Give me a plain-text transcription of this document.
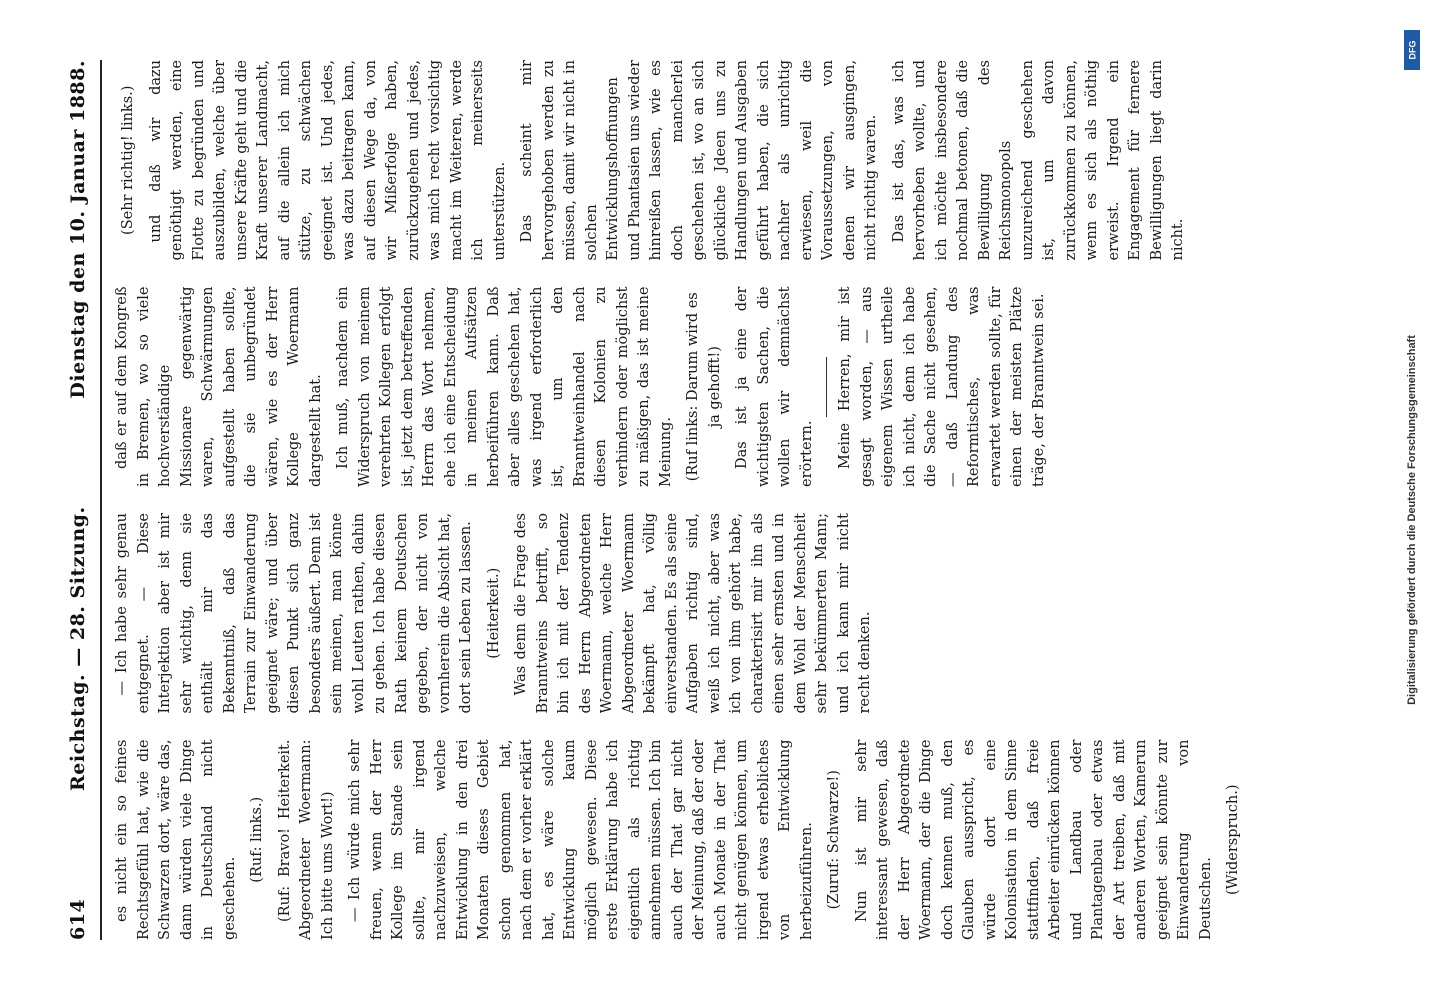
614
Reichstag. — 28. Sitzung.
Dienstag den 10. Januar 1888.

es nicht ein so feines Rechtsgefühl hat, wie die Schwarzen dort, wäre das, dann würden viele Dinge in Deutschland nicht geschehen.

(Ruf: links.) (Ruf: Bravo! Heiterkeit. Abgeordneter Woermann: Ich bitte ums Wort!) — Ich würde mich sehr freuen, wenn der Herr Kollege im Stande sein sollte, mir irgend nachzuweisen, welche Entwicklung in den drei Monaten dieses Gebiet schon genommen hat, nach dem er vorher erklärt hat, es wäre solche Entwicklung kaum möglich gewesen. Diese erste Erklärung habe ich eigentlich als richtig annehmen müssen. Ich bin auch der That gar nicht der Meinung, daß der oder auch Monate in der That nicht genügen können, um irgend etwas erhebliches von Entwicklung herbeizuführen. (Zuruf: Schwarze!) Nun ist mir sehr interessant gewesen, daß der Herr Abgeordnete Woermann, der die Dinge doch kennen muß, den Glauben ausspricht, es würde dort eine Kolonisation in dem Sinne stattfinden, daß freie Arbeiter einrücken können und Landbau oder Plantagenbau oder etwas der Art treiben, daß mit anderen Worten, Kamerun geeignet sein könnte zur Einwanderung von Deutschen.

(Widerspruch.)

— Ich habe sehr genau entgegnet. — Diese Interjektion aber ist mir sehr wichtig, denn sie enthält mir das Bekenntniß, daß das Terrain zur Einwanderung geeignet wäre; und über diesen Punkt sich ganz besonders äußert. Denn ist sein meinen, man könne wohl Leuten rathen, dahin zu gehen. Ich habe diesen Rath keinem Deutschen gegeben, der nicht von vornherein die Absicht hat, dort sein Leben zu lassen. (Heiterkeit.) Was denn die Frage des Branntweins betrifft, so bin ich mit der Tendenz des Herrn Abgeordneten Woermann, welche Herr Abgeordneter Woermann bekämpft hat, völlig einverstanden. Es als seine Aufgaben richtig sind, weiß ich nicht, aber was ich von ihm gehört habe, charakterisirt mir ihn als einen sehr ernsten und in dem Wohl der Menschheit sehr bekümmerten Mann; und ich kann mir nicht recht denken.

daß er auf dem Kongreß in Bremen, wo so viele hochverständige Missionare gegenwärtig waren, Schwärmungen aufgestellt haben sollte, die sie unbegründet wären, wie es der Herr Kollege Woermann dargestellt hat. Ich muß, nachdem ein Widerspruch von meinem verehrten Kollegen erfolgt ist, jetzt dem betreffenden Herrn das Wort nehmen, ehe ich eine Entscheidung in meinen Aufsätzen herbeiführen kann. Daß aber alles geschehen hat, was irgend erforderlich ist, um den Branntweinhandel nach diesen Kolonien zu verhindern oder möglichst zu mäßigen, das ist meine Meinung. (Ruf links: Darum wird es ja gehofft!) Das ist ja eine der wichtigsten Sachen, die wollen wir demnächst erörtern. Meine Herren, mir ist gesagt worden, — aus eigenem Wissen urtheile ich nicht, denn ich habe die Sache nicht gesehen, — daß Landung des Reformtisches, was erwartet werden sollte, für einen der meisten Plätze träge, der Branntwein sei.

(Sehr richtig! links.) und daß wir dazu genöthigt werden, eine Flotte zu begründen und auszubilden, welche über unsere Kräfte geht und die Kraft unserer Landmacht, auf die allein ich mich stütze, zu schwächen geeignet ist. Und jedes, was dazu beitragen kann, auf diesen Wege da, von wir Mißerfolge haben, zurückzugehen und jedes, was mich recht vorsichtig macht im Weiteren, werde ich meinerseits unterstützen. Das scheint mir hervorgehoben werden zu müssen, damit wir nicht in solchen Entwicklungshoffnungen und Phantasien uns wieder hinreißen lassen, wie es doch mancherlei geschehen ist, wo an sich glückliche Jdeen uns zu Handlungen und Ausgaben geführt haben, die sich nachher als unrichtig erwiesen, weil die Voraussetzungen, von denen wir ausgingen, nicht richtig waren. Das ist das, was ich hervorheben wollte, und ich möchte insbesondere nochmal betonen, daß die Bewilligung des Reichsmonopols unzureichend geschehen ist, um davon zurückkommen zu können, wenn es sich als nöthig erweist. Irgend ein Engagement für fernere Bewilligungen liegt darin nicht.

DFG
Digitalisierung gefördert durch die Deutsche Forschungsgemeinschaft
